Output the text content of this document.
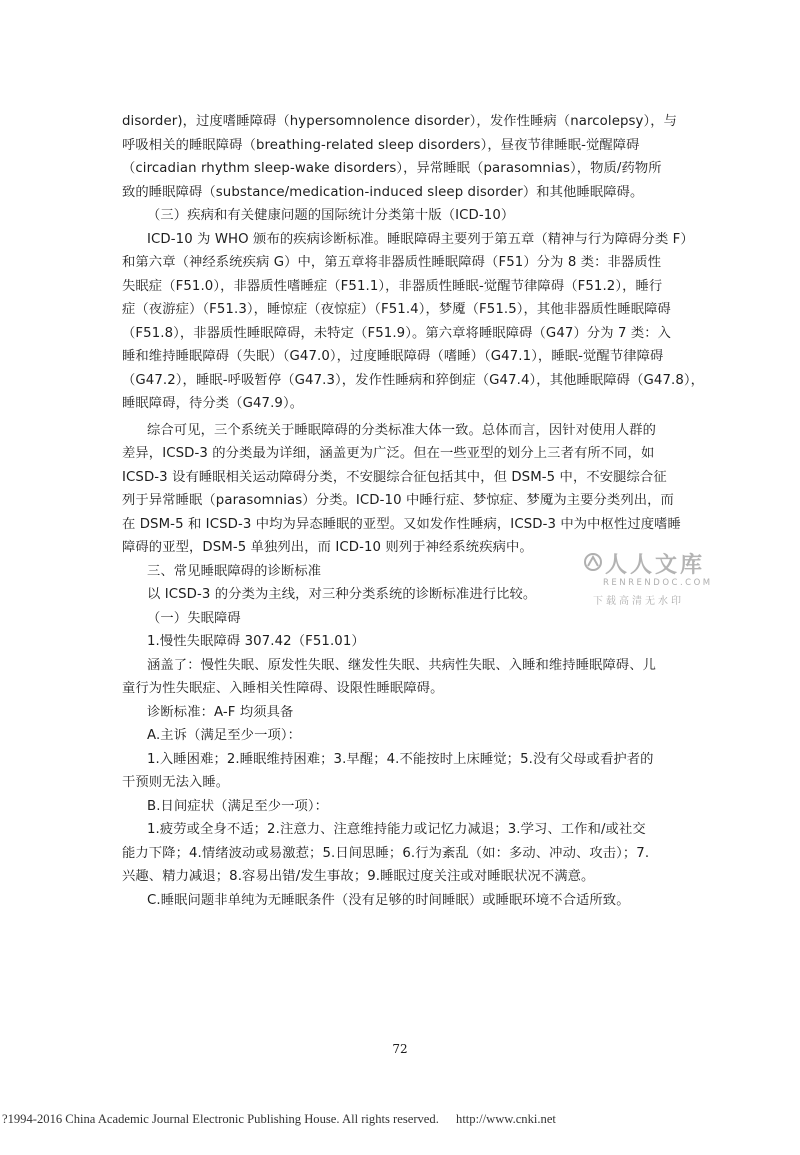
disorder)，过度嗜睡障碍（hypersomnolence disorder），发作性睡病（narcolepsy），与
呼吸相关的睡眠障碍（breathing-related sleep disorders），昼夜节律睡眠-觉醒障碍
（circadian rhythm sleep-wake disorders），异常睡眠（parasomnias），物质/药物所
致的睡眠障碍（substance/medication-induced sleep disorder）和其他睡眠障碍。
（三）疾病和有关健康问题的国际统计分类第十版（ICD-10）
ICD-10 为 WHO 颁布的疾病诊断标准。睡眠障碍主要列于第五章（精神与行为障碍分类 F）
和第六章（神经系统疾病 G）中，第五章将非器质性睡眠障碍（F51）分为 8 类：非器质性
失眠症（F51.0），非器质性嗜睡症（F51.1），非器质性睡眠-觉醒节律障碍（F51.2），睡行
症（夜游症）（F51.3），睡惊症（夜惊症）（F51.4），梦魇（F51.5），其他非器质性睡眠障碍
（F51.8），非器质性睡眠障碍，未特定（F51.9）。第六章将睡眠障碍（G47）分为 7 类：入
睡和维持睡眠障碍（失眠）（G47.0），过度睡眠障碍（嗜睡）（G47.1），睡眠-觉醒节律障碍
（G47.2），睡眠-呼吸暂停（G47.3），发作性睡病和猝倒症（G47.4），其他睡眠障碍（G47.8），
睡眠障碍，待分类（G47.9）。
综合可见，三个系统关于睡眠障碍的分类标准大体一致。总体而言，因针对使用人群的
差异，ICSD-3 的分类最为详细，涵盖更为广泛。但在一些亚型的划分上三者有所不同，如
ICSD-3 设有睡眠相关运动障碍分类，不安腿综合征包括其中，但 DSM-5 中，不安腿综合征
列于异常睡眠（parasomnias）分类。ICD-10 中睡行症、梦惊症、梦魇为主要分类列出，而
在 DSM-5 和 ICSD-3 中均为异态睡眠的亚型。又如发作性睡病，ICSD-3 中为中枢性过度嗜睡
障碍的亚型，DSM-5 单独列出，而 ICD-10 则列于神经系统疾病中。
三、常见睡眠障碍的诊断标准
以 ICSD-3 的分类为主线，对三种分类系统的诊断标准进行比较。
（一）失眠障碍
1.慢性失眠障碍 307.42（F51.01）
涵盖了：慢性失眠、原发性失眠、继发性失眠、共病性失眠、入睡和维持睡眠障碍、儿
童行为性失眠症、入睡相关性障碍、设限性睡眠障碍。
诊断标准：A-F 均须具备
A.主诉（满足至少一项）：
1.入睡困难；2.睡眠维持困难；3.早醒；4.不能按时上床睡觉；5.没有父母或看护者的
干预则无法入睡。
B.日间症状（满足至少一项）：
1.疲劳或全身不适；2.注意力、注意维持能力或记忆力减退；3.学习、工作和/或社交
能力下降；4.情绪波动或易激惹；5.日间思睡；6.行为紊乱（如：多动、冲动、攻击）；7.
兴趣、精力减退；8.容易出错/发生事故；9.睡眠过度关注或对睡眠状况不满意。
C.睡眠问题非单纯为无睡眠条件（没有足够的时间睡眠）或睡眠环境不合适所致。
人人文库
RENRENDOC.COM
下载高清无水印
72
?1994-2016 China Academic Journal Electronic Publishing House. All rights reserved. http://www.cnki.net
